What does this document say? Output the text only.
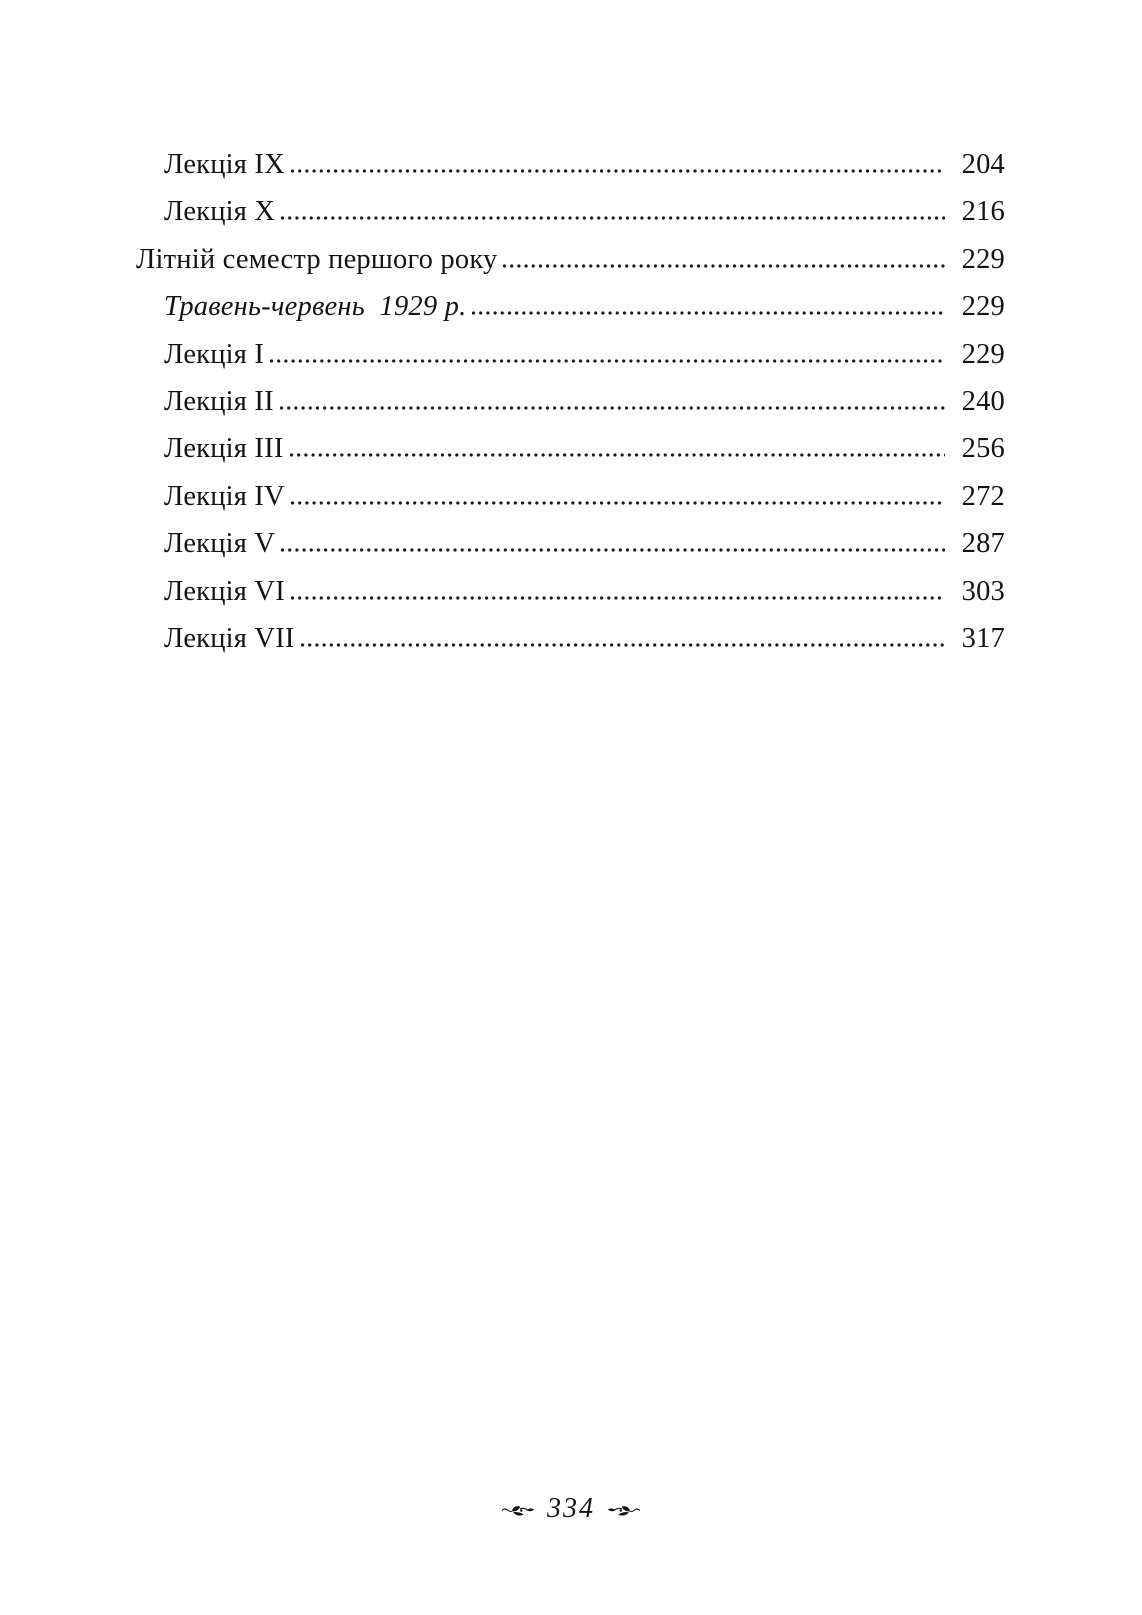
Лекція IX	204
Лекція X	216
Літній семестр першого року	229
Травень-червень  1929 р.	229
Лекція I	229
Лекція II	240
Лекція III	256
Лекція IV	272
Лекція V	287
Лекція VI	303
Лекція VII	317
334
